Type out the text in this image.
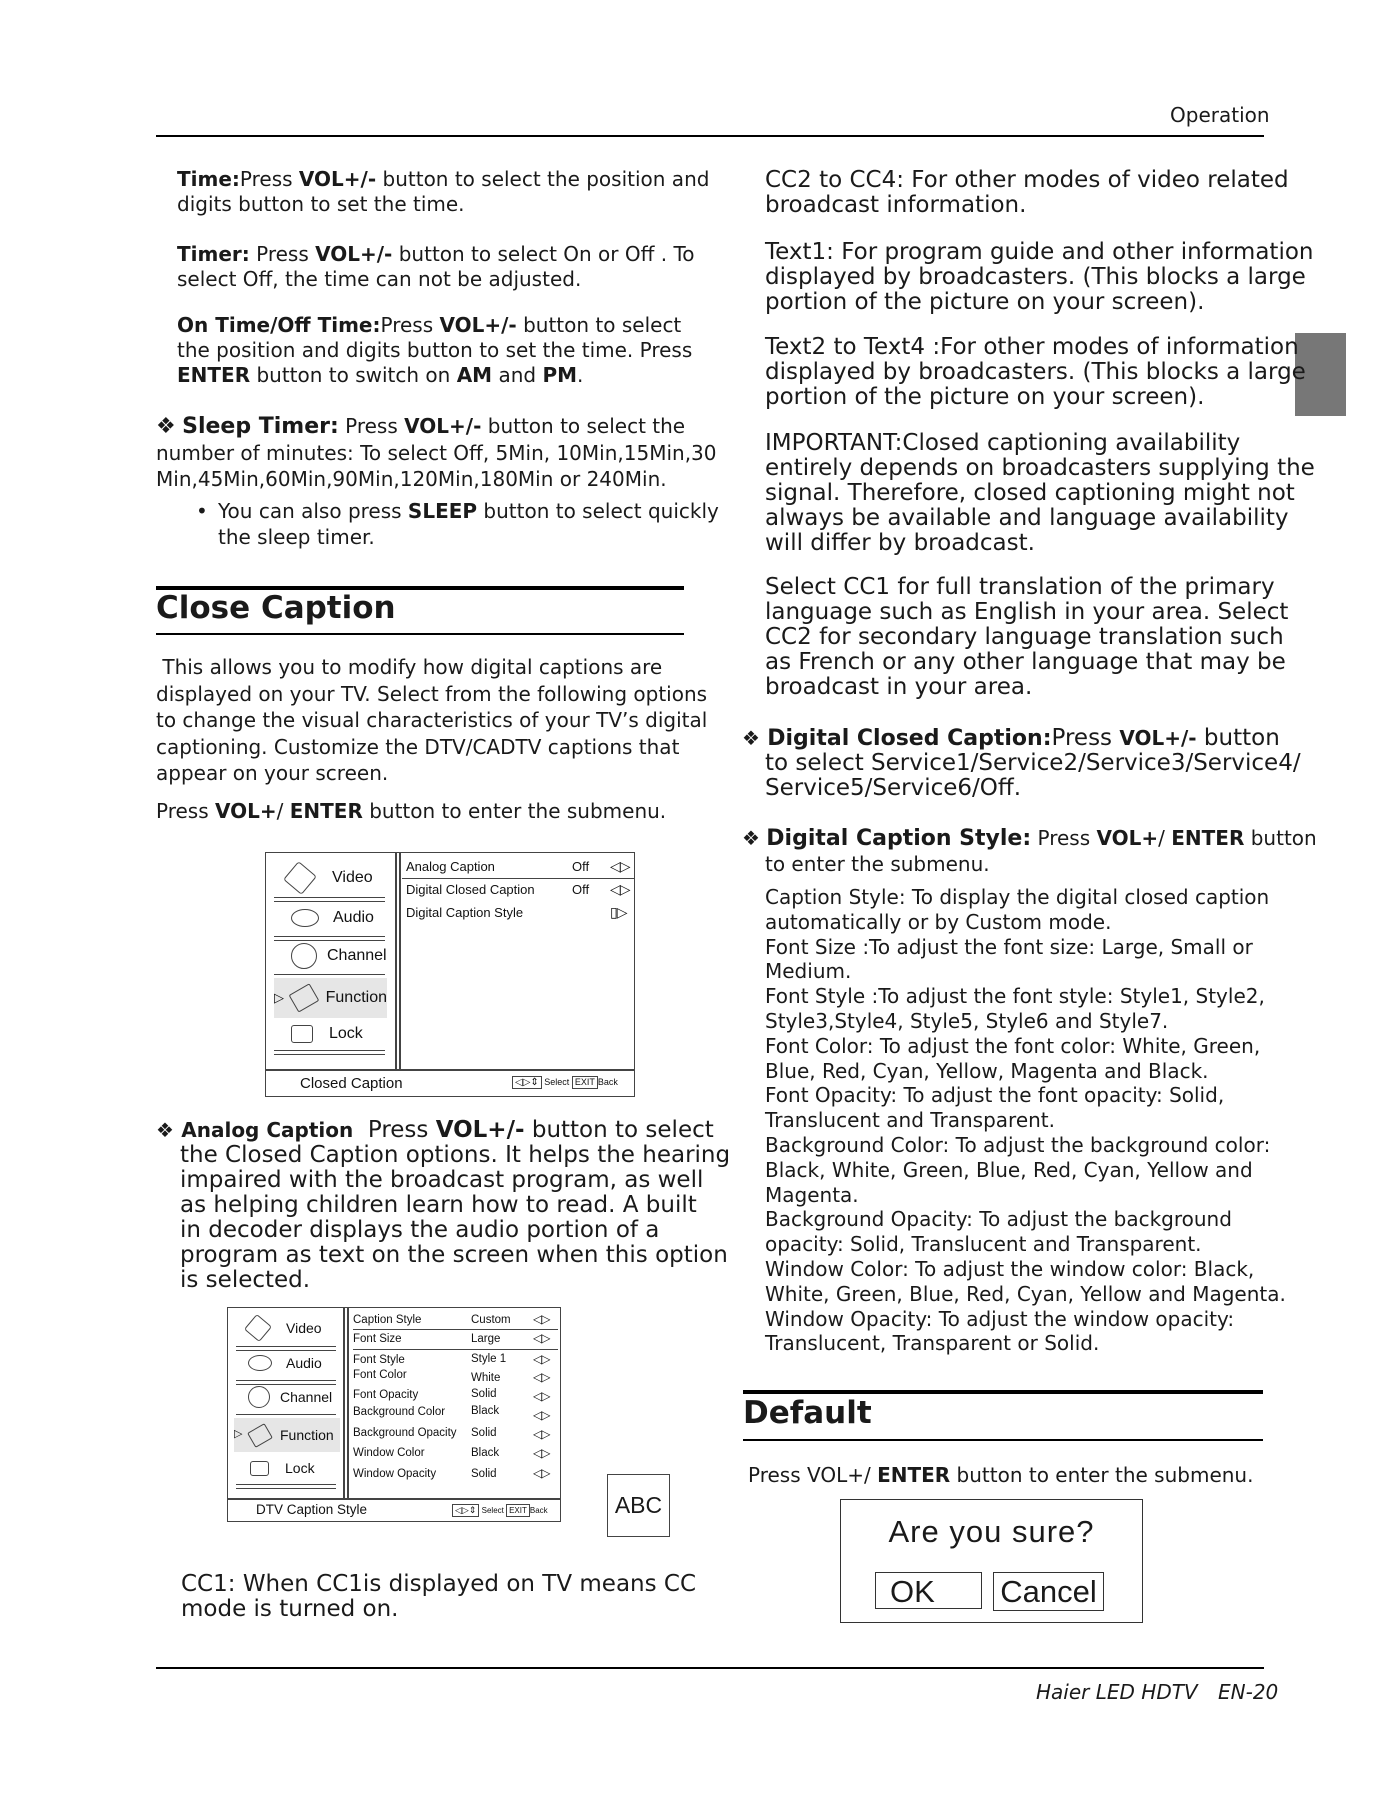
Operation

Time:Press VOL+/- button to select the position and
digits button to set the time.

Timer: Press VOL+/- button to select On or Off . To
select Off, the time can not be adjusted.

On Time/Off Time:Press VOL+/- button to select
the position and digits button to set the time. Press
ENTER button to switch on AM and PM.

❖ Sleep Timer: Press VOL+/- button to select the
number of minutes: To select Off, 5Min, 10Min,15Min,30
Min,45Min,60Min,90Min,120Min,180Min or 240Min.

• You can also press SLEEP button to select quickly
the sleep timer.
Close Caption
This allows you to modify how digital captions are
displayed on your TV. Select from the following options
to change the visual characteristics of your TV’s digital
captioning. Customize the DTV/CADTV captions that
appear on your screen.
Press VOL+/ ENTER button to enter the submenu.
Video
Audio
Channel
▷	Function
Lock
Analog Caption	Off ◁▷
Digital Closed Caption	Off ◁▷
Digital Caption Style	▯▷
Closed Caption	◁▷⇕ Select EXIT Back
❖ Analog Caption  Press VOL+/- button to select
the Closed Caption options. It helps the hearing
impaired with the broadcast program, as well
as helping children learn how to read. A built
in decoder displays the audio portion of a
program as text on the screen when this option
is selected.
Video
Audio
Channel
▷	Function
Lock
Caption Style	Custom ◁▷
Font Size	Large	◁▷
Font Style	Style 1 ◁▷
Font Color	White	◁▷
Font Opacity	Solid	◁▷
Background Color Black	◁▷
Background Opacity Solid	◁▷
Window Color	Black	◁▷
Window Opacity	Solid	◁▷
DTV Caption Style	◁▷⇕ Select EXIT Back	ABC
CC1: When CC1is displayed on TV means CC
mode is turned on.
CC2 to CC4: For other modes of video related
broadcast information.
Text1: For program guide and other information
displayed by broadcasters. (This blocks a large
portion of the picture on your screen).
Text2 to Text4 :For other modes of information
displayed by broadcasters. (This blocks a large
portion of the picture on your screen).
IMPORTANT:Closed captioning availability
entirely depends on broadcasters supplying the
signal. Therefore, closed captioning might not
always be available and language availability
will differ by broadcast.
Select CC1 for full translation of the primary
language such as English in your area. Select
CC2 for secondary language translation such
as French or any other language that may be
broadcast in your area.
❖ Digital Closed Caption:Press VOL+/- button
to select Service1/Service2/Service3/Service4/
Service5/Service6/Off.
❖ Digital Caption Style: Press VOL+/ ENTER button
to enter the submenu.
Caption Style: To display the digital closed caption
automatically or by Custom mode.
Font Size :To adjust the font size: Large, Small or
Medium.
Font Style :To adjust the font style: Style1, Style2,
Style3,Style4, Style5, Style6 and Style7.
Font Color: To adjust the font color: White, Green,
Blue, Red, Cyan, Yellow, Magenta and Black.
Font Opacity: To adjust the font opacity: Solid,
Translucent and Transparent.
Background Color: To adjust the background color:
Black, White, Green, Blue, Red, Cyan, Yellow and
Magenta.
Background Opacity: To adjust the background
opacity: Solid, Translucent and Transparent.
Window Color: To adjust the window color: Black,
White, Green, Blue, Red, Cyan, Yellow and Magenta.
Window Opacity: To adjust the window opacity:
Translucent, Transparent or Solid.
Default
Press VOL+/ ENTER button to enter the submenu.
Are you sure?
OK	Cancel
Haier LED HDTV EN-20
